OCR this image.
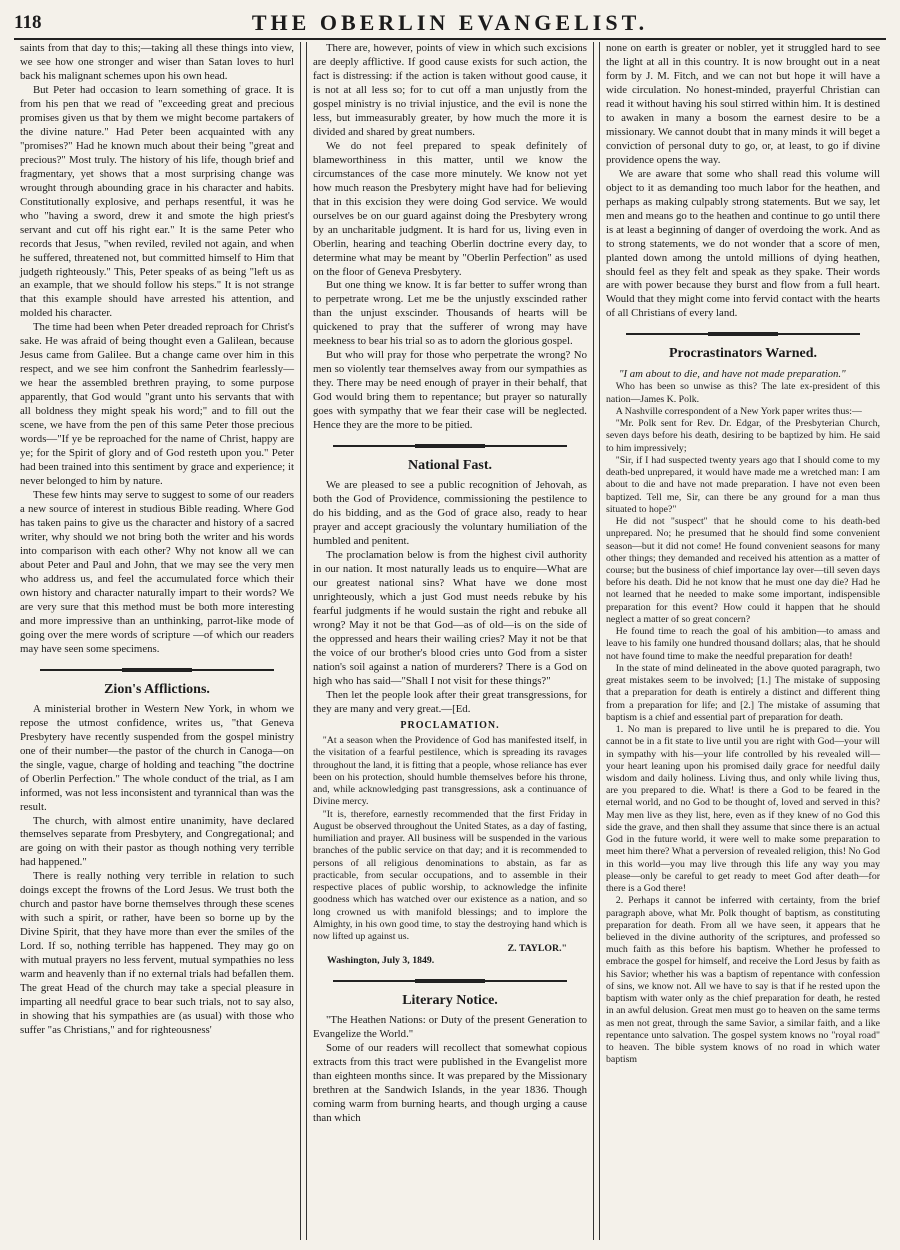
118	THE OBERLIN EVANGELIST.

saints from that day to this;—taking all these things into view, we see how one stronger and wiser than Satan loves to hurl back his malignant schemes upon his own head.

But Peter had occasion to learn something of grace. It is from his pen that we read of "exceeding great and precious promises given us that by them we might become partakers of the divine nature." Had Peter been acquainted with any "promises?" Had he known much about their being "great and precious?" Most truly. The history of his life, though brief and fragmentary, yet shows that a most surprising change was wrought through abounding grace in his character and habits. Constitutionally explosive, and perhaps resentful, it was he who "having a sword, drew it and smote the high priest's servant and cut off his right ear." It is the same Peter who records that Jesus, "when reviled, reviled not again, and when he suffered, threatened not, but committed himself to Him that judgeth righteously." This, Peter speaks of as being "left us as an example, that we should follow his steps." It is not strange that this example should have arrested his attention, and molded his character.

The time had been when Peter dreaded reproach for Christ's sake. He was afraid of being thought even a Galilean, because Jesus came from Galilee. But a change came over him in this respect, and we see him confront the Sanhedrim fearlessly—we hear the assembled brethren praying, to some purpose apparently, that God would "grant unto his servants that with all boldness they might speak his word;" and to fill out the scene, we have from the pen of this same Peter those precious words—"If ye be reproached for the name of Christ, happy are ye; for the Spirit of glory and of God resteth upon you." Peter had been trained into this sentiment by grace and experience; it never belonged to him by nature.

These few hints may serve to suggest to some of our readers a new source of interest in studious Bible reading. Where God has taken pains to give us the character and history of a sacred writer, why should we not bring both the writer and his words into comparison with each other? Why not know all we can about Peter and Paul and John, that we may see the very men who address us, and feel the accumulated force which their own history and character naturally impart to their words? We are very sure that this method must be both more interesting and more impressive than an unthinking, parrot-like mode of going over the mere words of scripture —of which our readers may have seen some specimens.

Zion's Afflictions.

A ministerial brother in Western New York, in whom we repose the utmost confidence, writes us, "that Geneva Presbytery have recently suspended from the gospel ministry one of their number—the pastor of the church in Canoga—on the single, vague, charge of holding and teaching "the doctrine of Oberlin Perfection." The whole conduct of the trial, as I am informed, was not less inconsistent and tyrannical than was the result.

The church, with almost entire unanimity, have declared themselves separate from Presbytery, and Congregational; and are going on with their pastor as though nothing very terrible had happened."

There is really nothing very terrible in relation to such doings except the frowns of the Lord Jesus. We trust both the church and pastor have borne themselves through these scenes with such a spirit, or rather, have been so borne up by the Divine Spirit, that they have more than ever the smiles of the Lord. If so, nothing terrible has happened. They may go on with mutual prayers no less fervent, mutual sympathies no less warm and heavenly than if no external trials had befallen them. The great Head of the church may take a special pleasure in imparting all needful grace to bear such trials, not to say also, in showing that his sympathies are (as usual) with those who suffer "as Christians," and for righteousness'

There are, however, points of view in which such excisions are deeply afflictive. If good cause exists for such action, the fact is distressing: if the action is taken without good cause, it is not at all less so; for to cut off a man unjustly from the gospel ministry is no trivial injustice, and the evil is none the less, but immeasurably greater, by how much the more it is divided and shared by great numbers.

We do not feel prepared to speak definitely of blameworthiness in this matter, until we know the circumstances of the case more minutely. We know not yet how much reason the Presbytery might have had for believing that in this excision they were doing God service. We would ourselves be on our guard against doing the Presbytery wrong by an uncharitable judgment. It is hard for us, living even in Oberlin, hearing and teaching Oberlin doctrine every day, to determine what may be meant by "Oberlin Perfection" as used on the floor of Geneva Presbytery.

But one thing we know. It is far better to suffer wrong than to perpetrate wrong. Let me be the unjustly exscinded rather than the unjust exscinder. Thousands of hearts will be quickened to pray that the sufferer of wrong may have meekness to bear his trial so as to adorn the glorious gospel.

But who will pray for those who perpetrate the wrong? No men so violently tear themselves away from our sympathies as they. There may be need enough of prayer in their behalf, that God would bring them to repentance; but prayer so naturally goes with sympathy that we fear their case will be neglected. Hence they are the more to be pitied.

National Fast.

We are pleased to see a public recognition of Jehovah, as both the God of Providence, commissioning the pestilence to do his bidding, and as the God of grace also, ready to hear prayer and accept graciously the voluntary humiliation of the humbled and penitent.

The proclamation below is from the highest civil authority in our nation. It most naturally leads us to enquire—What are our greatest national sins? What have we done most unrighteously, which a just God must needs rebuke by his fearful judgments if he would sustain the right and rebuke all wrong? May it not be that God—as of old—is on the side of the oppressed and hears their wailing cries? May it not be that the voice of our brother's blood cries unto God from a sister nation's soil against a nation of murderers? There is a God on high who has said—"Shall I not visit for these things?"

Then let the people look after their great transgressions, for they are many and very great.—[Ed.

PROCLAMATION.

"At a season when the Providence of God has manifested itself, in the visitation of a fearful pestilence, which is spreading its ravages throughout the land, it is fitting that a people, whose reliance has ever been on his protection, should humble themselves before his throne, and, while acknowledging past transgressions, ask a continuance of Divine mercy.

"It is, therefore, earnestly recommended that the first Friday in August be observed throughout the United States, as a day of fasting, humiliation and prayer. All business will be suspended in the various branches of the public service on that day; and it is recommended to persons of all religious denominations to abstain, as far as practicable, from secular occupations, and to assemble in their respective places of public worship, to acknowledge the infinite goodness which has watched over our existence as a nation, and so long crowned us with manifold blessings; and to implore the Almighty, in his own good time, to stay the destroying hand which is now lifted up against us.

Z. TAYLOR."
Washington, July 3, 1849.
Literary Notice.

"The Heathen Nations: or Duty of the present Generation to Evangelize the World."

Some of our readers will recollect that somewhat copious extracts from this tract were published in the Evangelist more than eighteen months since. It was prepared by the Missionary brethren at the Sandwich Islands, in the year 1836. Though coming warm from burning hearts, and though urging a cause than which

none on earth is greater or nobler, yet it struggled hard to see the light at all in this country. It is now brought out in a neat form by J. M. Fitch, and we can not but hope it will have a wide circulation. No honest-minded, prayerful Christian can read it without having his soul stirred within him. It is destined to awaken in many a bosom the earnest desire to be a missionary. We cannot doubt that in many minds it will beget a conviction of personal duty to go, or, at least, to go if divine providence opens the way.

We are aware that some who shall read this volume will object to it as demanding too much labor for the heathen, and perhaps as making culpably strong statements. But we say, let men and means go to the heathen and continue to go until there is at least a beginning of danger of overdoing the work. And as to strong statements, we do not wonder that a score of men, planted down among the untold millions of dying heathen, should feel as they felt and speak as they spake. Their words are with power because they burst and flow from a full heart. Would that they might come into fervid contact with the hearts of all Christians of every land.

Procrastinators Warned.

"I am about to die, and have not made preparation."

Who has been so unwise as this? The late ex-president of this nation—James K. Polk.

A Nashville correspondent of a New York paper writes thus:—

"Mr. Polk sent for Rev. Dr. Edgar, of the Presbyterian Church, seven days before his death, desiring to be baptized by him. He said to him impressively;

"Sir, if I had suspected twenty years ago that I should come to my death-bed unprepared, it would have made me a wretched man: I am about to die and have not made preparation. I have not even been baptized. Tell me, Sir, can there be any ground for a man thus situated to hope?"

He did not "suspect" that he should come to his death-bed unprepared. No; he presumed that he should find some convenient season—but it did not come! He found convenient seasons for many other things; they demanded and received his attention as a matter of course; but the business of chief importance lay over—till seven days before his death. Did he not know that he must one day die? Had he not learned that he needed to make some important, indispensible preparation for this event? How could it happen that he should neglect a matter of so great concern?

He found time to reach the goal of his ambition—to amass and leave to his family one hundred thousand dollars; alas, that he should not have found time to make the needful preparation for death!

In the state of mind delineated in the above quoted paragraph, two great mistakes seem to be involved; [1.] The mistake of supposing that a preparation for death is entirely a distinct and different thing from a preparation for life; and [2.] The mistake of assuming that baptism is a chief and essential part of preparation for death.

1. No man is prepared to live until he is prepared to die. You cannot be in a fit state to live until you are right with God—your will in sympathy with his—your life controlled by his revealed will—your heart leaning upon his promised daily grace for needful daily wisdom and daily holiness. Living thus, and only while living thus, are you prepared to die. What! is there a God to be feared in the eternal world, and no God to be thought of, loved and served in this? May men live as they list, here, even as if they knew of no God this side the grave, and then shall they assume that since there is an actual God in the future world, it were well to make some preparation to meet him there? What a perversion of revealed religion, this! No God in this world—you may live through this life any way you may please—only be careful to get ready to meet God after death—for there is a God there!

2. Perhaps it cannot be inferred with certainty, from the brief paragraph above, what Mr. Polk thought of baptism, as constituting preparation for death. From all we have seen, it appears that he believed in the divine authority of the scriptures, and professed so much faith as this before his baptism. Whether he professed to embrace the gospel for himself, and receive the Lord Jesus by faith as his Savior; whether his was a baptism of repentance with confession of sins, we know not. All we have to say is that if he rested upon the baptism with water only as the chief preparation for death, he rested in an awful delusion. Great men must go to heaven on the same terms as men not great, through the same Savior, a similar faith, and a like repentance unto salvation. The gospel system knows no "royal road" to heaven. The bible system knows of no road in which water baptism
